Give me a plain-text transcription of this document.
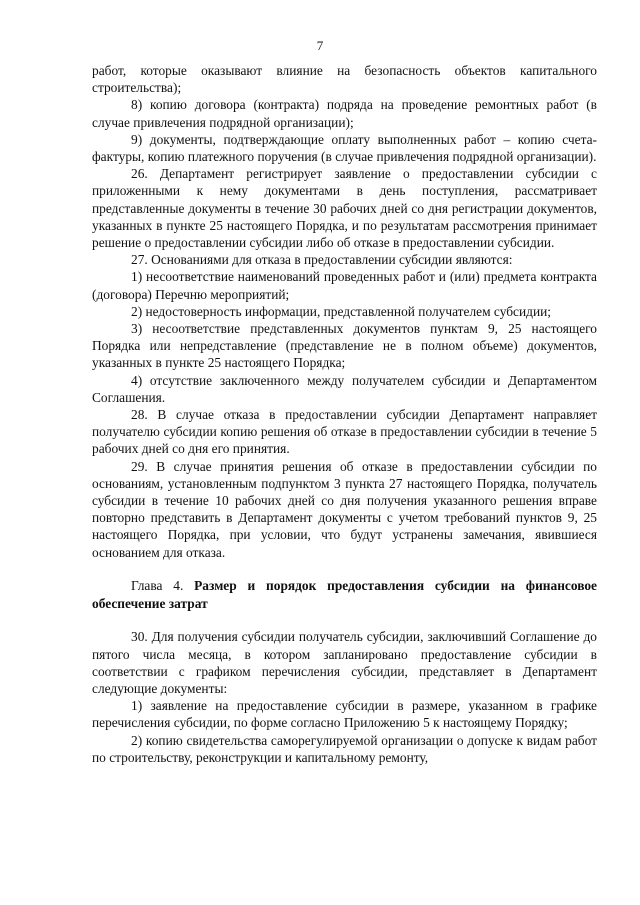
7

работ, которые оказывают влияние на безопасность объектов капитального строительства);

8) копию договора (контракта) подряда на проведение ремонтных работ (в случае привлечения подрядной организации);

9) документы, подтверждающие оплату выполненных работ – копию счета-фактуры, копию платежного поручения (в случае привлечения подрядной организации).

26. Департамент регистрирует заявление о предоставлении субсидии с приложенными к нему документами в день поступления, рассматривает представленные документы в течение 30 рабочих дней со дня регистрации документов, указанных в пункте 25 настоящего Порядка, и по результатам рассмотрения принимает решение о предоставлении субсидии либо об отказе в предоставлении субсидии.

27. Основаниями для отказа в предоставлении субсидии являются:

1) несоответствие наименований проведенных работ и (или) предмета контракта (договора) Перечню мероприятий;

2) недостоверность информации, представленной получателем субсидии;

3) несоответствие представленных документов пунктам 9, 25 настоящего Порядка или непредставление (представление не в полном объеме) документов, указанных в пункте 25 настоящего Порядка;

4) отсутствие заключенного между получателем субсидии и Департаментом Соглашения.

28. В случае отказа в предоставлении субсидии Департамент направляет получателю субсидии копию решения об отказе в предоставлении субсидии в течение 5 рабочих дней со дня его принятия.

29. В случае принятия решения об отказе в предоставлении субсидии по основаниям, установленным подпунктом 3 пункта 27 настоящего Порядка, получатель субсидии в течение 10 рабочих дней со дня получения указанного решения вправе повторно представить в Департамент документы с учетом требований пунктов 9, 25 настоящего Порядка, при условии, что будут устранены замечания, явившиеся основанием для отказа.

Глава 4. Размер и порядок предоставления субсидии на финансовое обеспечение затрат

30. Для получения субсидии получатель субсидии, заключивший Соглашение до пятого числа месяца, в котором запланировано предоставление субсидии в соответствии с графиком перечисления субсидии, представляет в Департамент следующие документы:

1) заявление на предоставление субсидии в размере, указанном в графике перечисления субсидии, по форме согласно Приложению 5 к настоящему Порядку;

2) копию свидетельства саморегулируемой организации о допуске к видам работ по строительству, реконструкции и капитальному ремонту,
